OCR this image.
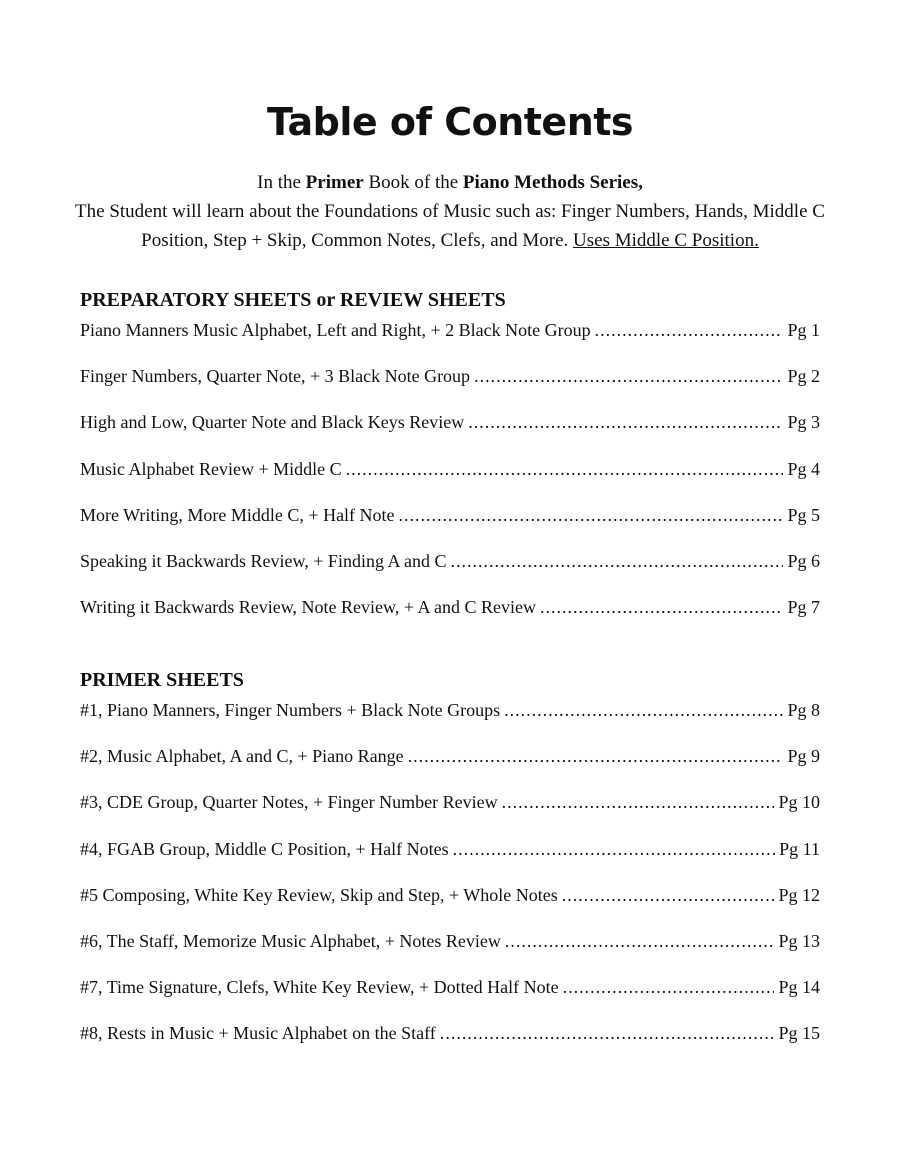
Table of Contents

In the Primer Book of the Piano Methods Series,

The Student will learn about the Foundations of Music such as: Finger Numbers, Hands, Middle C Position, Step + Skip, Common Notes, Clefs, and More. Uses Middle C Position.

PREPARATORY SHEETS or REVIEW SHEETS
Piano Manners Music Alphabet, Left and Right, + 2 Black Note Group .....	Pg 1
Finger Numbers, Quarter Note, + 3 Black Note Group .....	Pg 2
High and Low, Quarter Note and Black Keys Review .....	Pg 3
Music Alphabet Review + Middle C .....	Pg 4
More Writing, More Middle C, + Half Note .....	Pg 5
Speaking it Backwards Review, + Finding A and C .....	Pg 6
Writing it Backwards Review, Note Review, + A and C Review .....	Pg 7
PRIMER SHEETS
#1, Piano Manners, Finger Numbers + Black Note Groups .....	Pg 8
#2, Music Alphabet, A and C, + Piano Range .....	Pg 9
#3, CDE Group, Quarter Notes, + Finger Number Review .....	Pg 10
#4, FGAB Group, Middle C Position, + Half Notes .....	Pg 11
#5 Composing, White Key Review, Skip and Step, + Whole Notes .....	Pg 12
#6, The Staff, Memorize Music Alphabet, + Notes Review .....	Pg 13
#7, Time Signature, Clefs, White Key Review, + Dotted Half Note .....	Pg 14
#8, Rests in Music + Music Alphabet on the Staff .....	Pg 15
